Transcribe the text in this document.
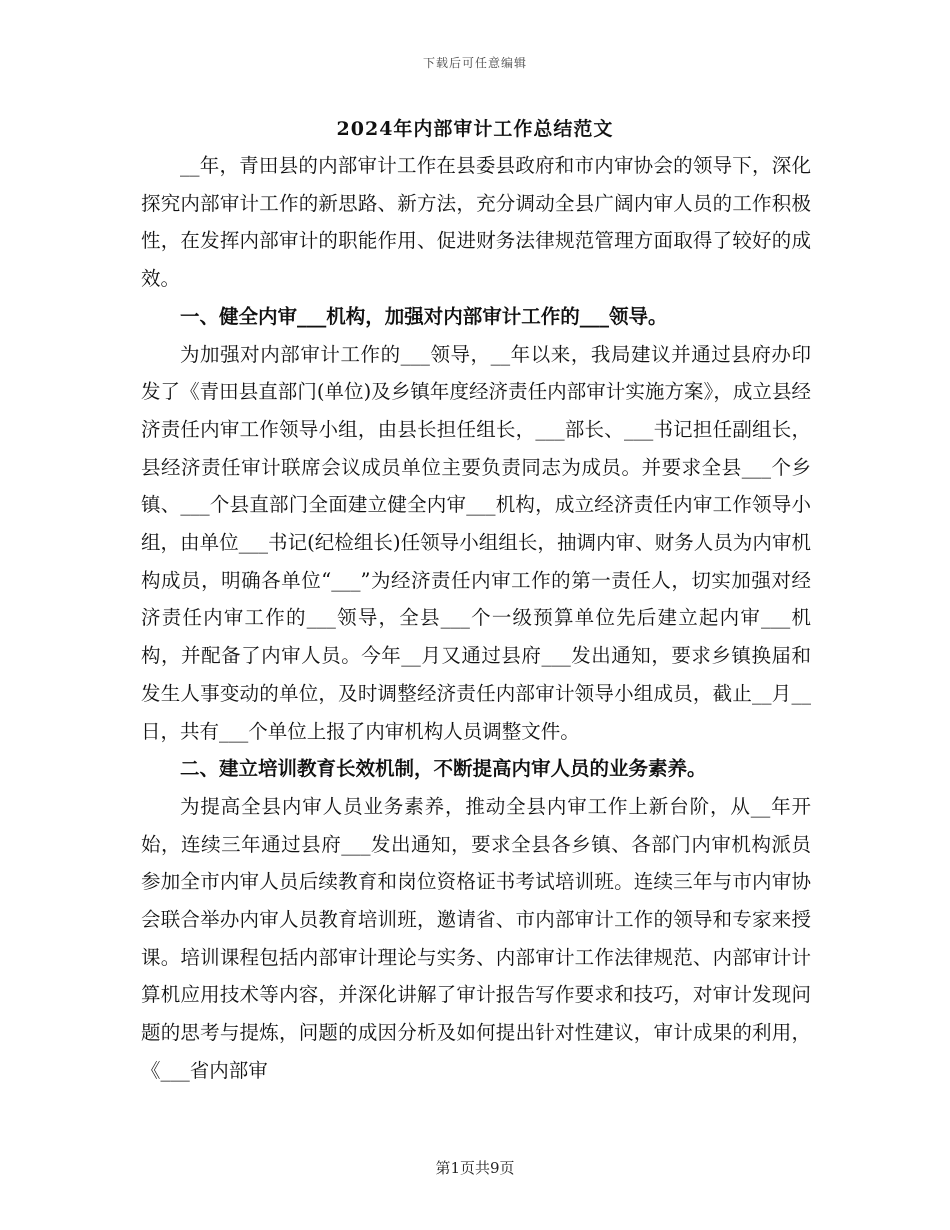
下载后可任意编辑
2024年内部审计工作总结范文

__年，青田县的内部审计工作在县委县政府和市内审协会的领导下，深化探究内部审计工作的新思路、新方法，充分调动全县广阔内审人员的工作积极性，在发挥内部审计的职能作用、促进财务法律规范管理方面取得了较好的成效。

一、健全内审___机构，加强对内部审计工作的___领导。

为加强对内部审计工作的___领导，__年以来，我局建议并通过县府办印发了《青田县直部门(单位)及乡镇年度经济责任内部审计实施方案》，成立县经济责任内审工作领导小组，由县长担任组长，___部长、___书记担任副组长，县经济责任审计联席会议成员单位主要负责同志为成员。并要求全县___个乡镇、___个县直部门全面建立健全内审___机构，成立经济责任内审工作领导小组，由单位___书记(纪检组长)任领导小组组长，抽调内审、财务人员为内审机构成员，明确各单位“___”为经济责任内审工作的第一责任人，切实加强对经济责任内审工作的___领导，全县___个一级预算单位先后建立起内审___机构，并配备了内审人员。今年__月又通过县府___发出通知，要求乡镇换届和发生人事变动的单位，及时调整经济责任内部审计领导小组成员，截止__月__日，共有___个单位上报了内审机构人员调整文件。

二、建立培训教育长效机制，不断提高内审人员的业务素养。

为提高全县内审人员业务素养，推动全县内审工作上新台阶，从__年开始，连续三年通过县府___发出通知，要求全县各乡镇、各部门内审机构派员参加全市内审人员后续教育和岗位资格证书考试培训班。连续三年与市内审协会联合举办内审人员教育培训班，邀请省、市内部审计工作的领导和专家来授课。培训课程包括内部审计理论与实务、内部审计工作法律规范、内部审计计算机应用技术等内容，并深化讲解了审计报告写作要求和技巧，对审计发现问题的思考与提炼，问题的成因分析及如何提出针对性建议，审计成果的利用，《___省内部审

第1页共9页
